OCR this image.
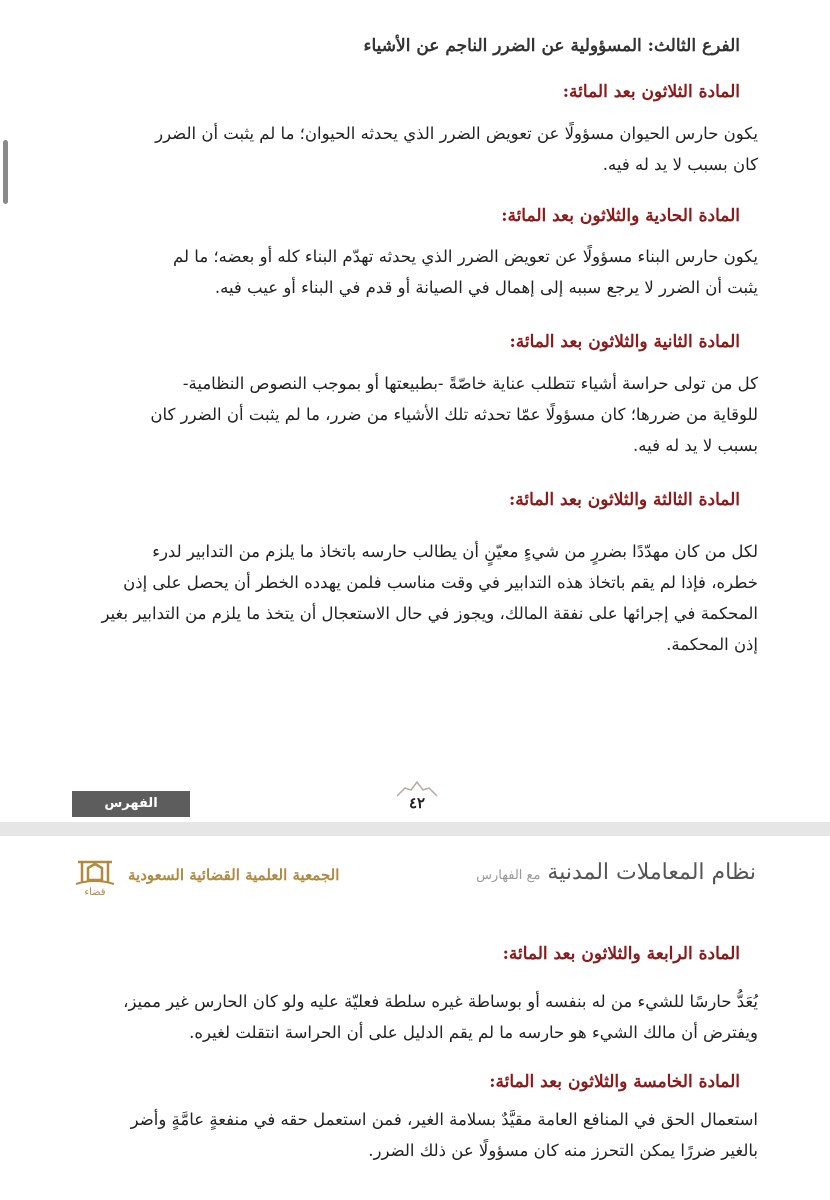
الفرع الثالث: المسؤولية عن الضرر الناجم عن الأشياء
المادة الثلاثون بعد المائة:
يكون حارس الحيوان مسؤولًا عن تعويض الضرر الذي يحدثه الحيوان؛ ما لم يثبت أن الضرر
كان بسبب لا يد له فيه.
المادة الحادية والثلاثون بعد المائة:
يكون حارس البناء مسؤولًا عن تعويض الضرر الذي يحدثه تهدّم البناء كله أو بعضه؛ ما لم
يثبت أن الضرر لا يرجع سببه إلى إهمال في الصيانة أو قدم في البناء أو عيب فيه.
المادة الثانية والثلاثون بعد المائة:
كل من تولى حراسة أشياء تتطلب عناية خاصّةً -بطبيعتها أو بموجب النصوص النظامية-
للوقاية من ضررها؛ كان مسؤولًا عمّا تحدثه تلك الأشياء من ضرر، ما لم يثبت أن الضرر كان
بسبب لا يد له فيه.
المادة الثالثة والثلاثون بعد المائة:
لكل من كان مهدّدًا بضررٍ من شيءٍ معيّنٍ أن يطالب حارسه باتخاذ ما يلزم من التدابير لدرء
خطره، فإذا لم يقم باتخاذ هذه التدابير في وقت مناسب فلمن يهدده الخطر أن يحصل على إذن
المحكمة في إجرائها على نفقة المالك، ويجوز في حال الاستعجال أن يتخذ ما يلزم من التدابير بغير
إذن المحكمة.
الفهرس	٤٢
قضاء
الجمعية العلمية القضائية السعودية	نظام المعاملات المدنية مع الفهارس
المادة الرابعة والثلاثون بعد المائة:
يُعَدُّ حارسًا للشيء من له بنفسه أو بوساطة غيره سلطة فعليّة عليه ولو كان الحارس غير مميز،
ويفترض أن مالك الشيء هو حارسه ما لم يقم الدليل على أن الحراسة انتقلت لغيره.
المادة الخامسة والثلاثون بعد المائة:
استعمال الحق في المنافع العامة مقيَّدٌ بسلامة الغير، فمن استعمل حقه في منفعةٍ عامَّةٍ وأضر
بالغير ضررًا يمكن التحرز منه كان مسؤولًا عن ذلك الضرر.
